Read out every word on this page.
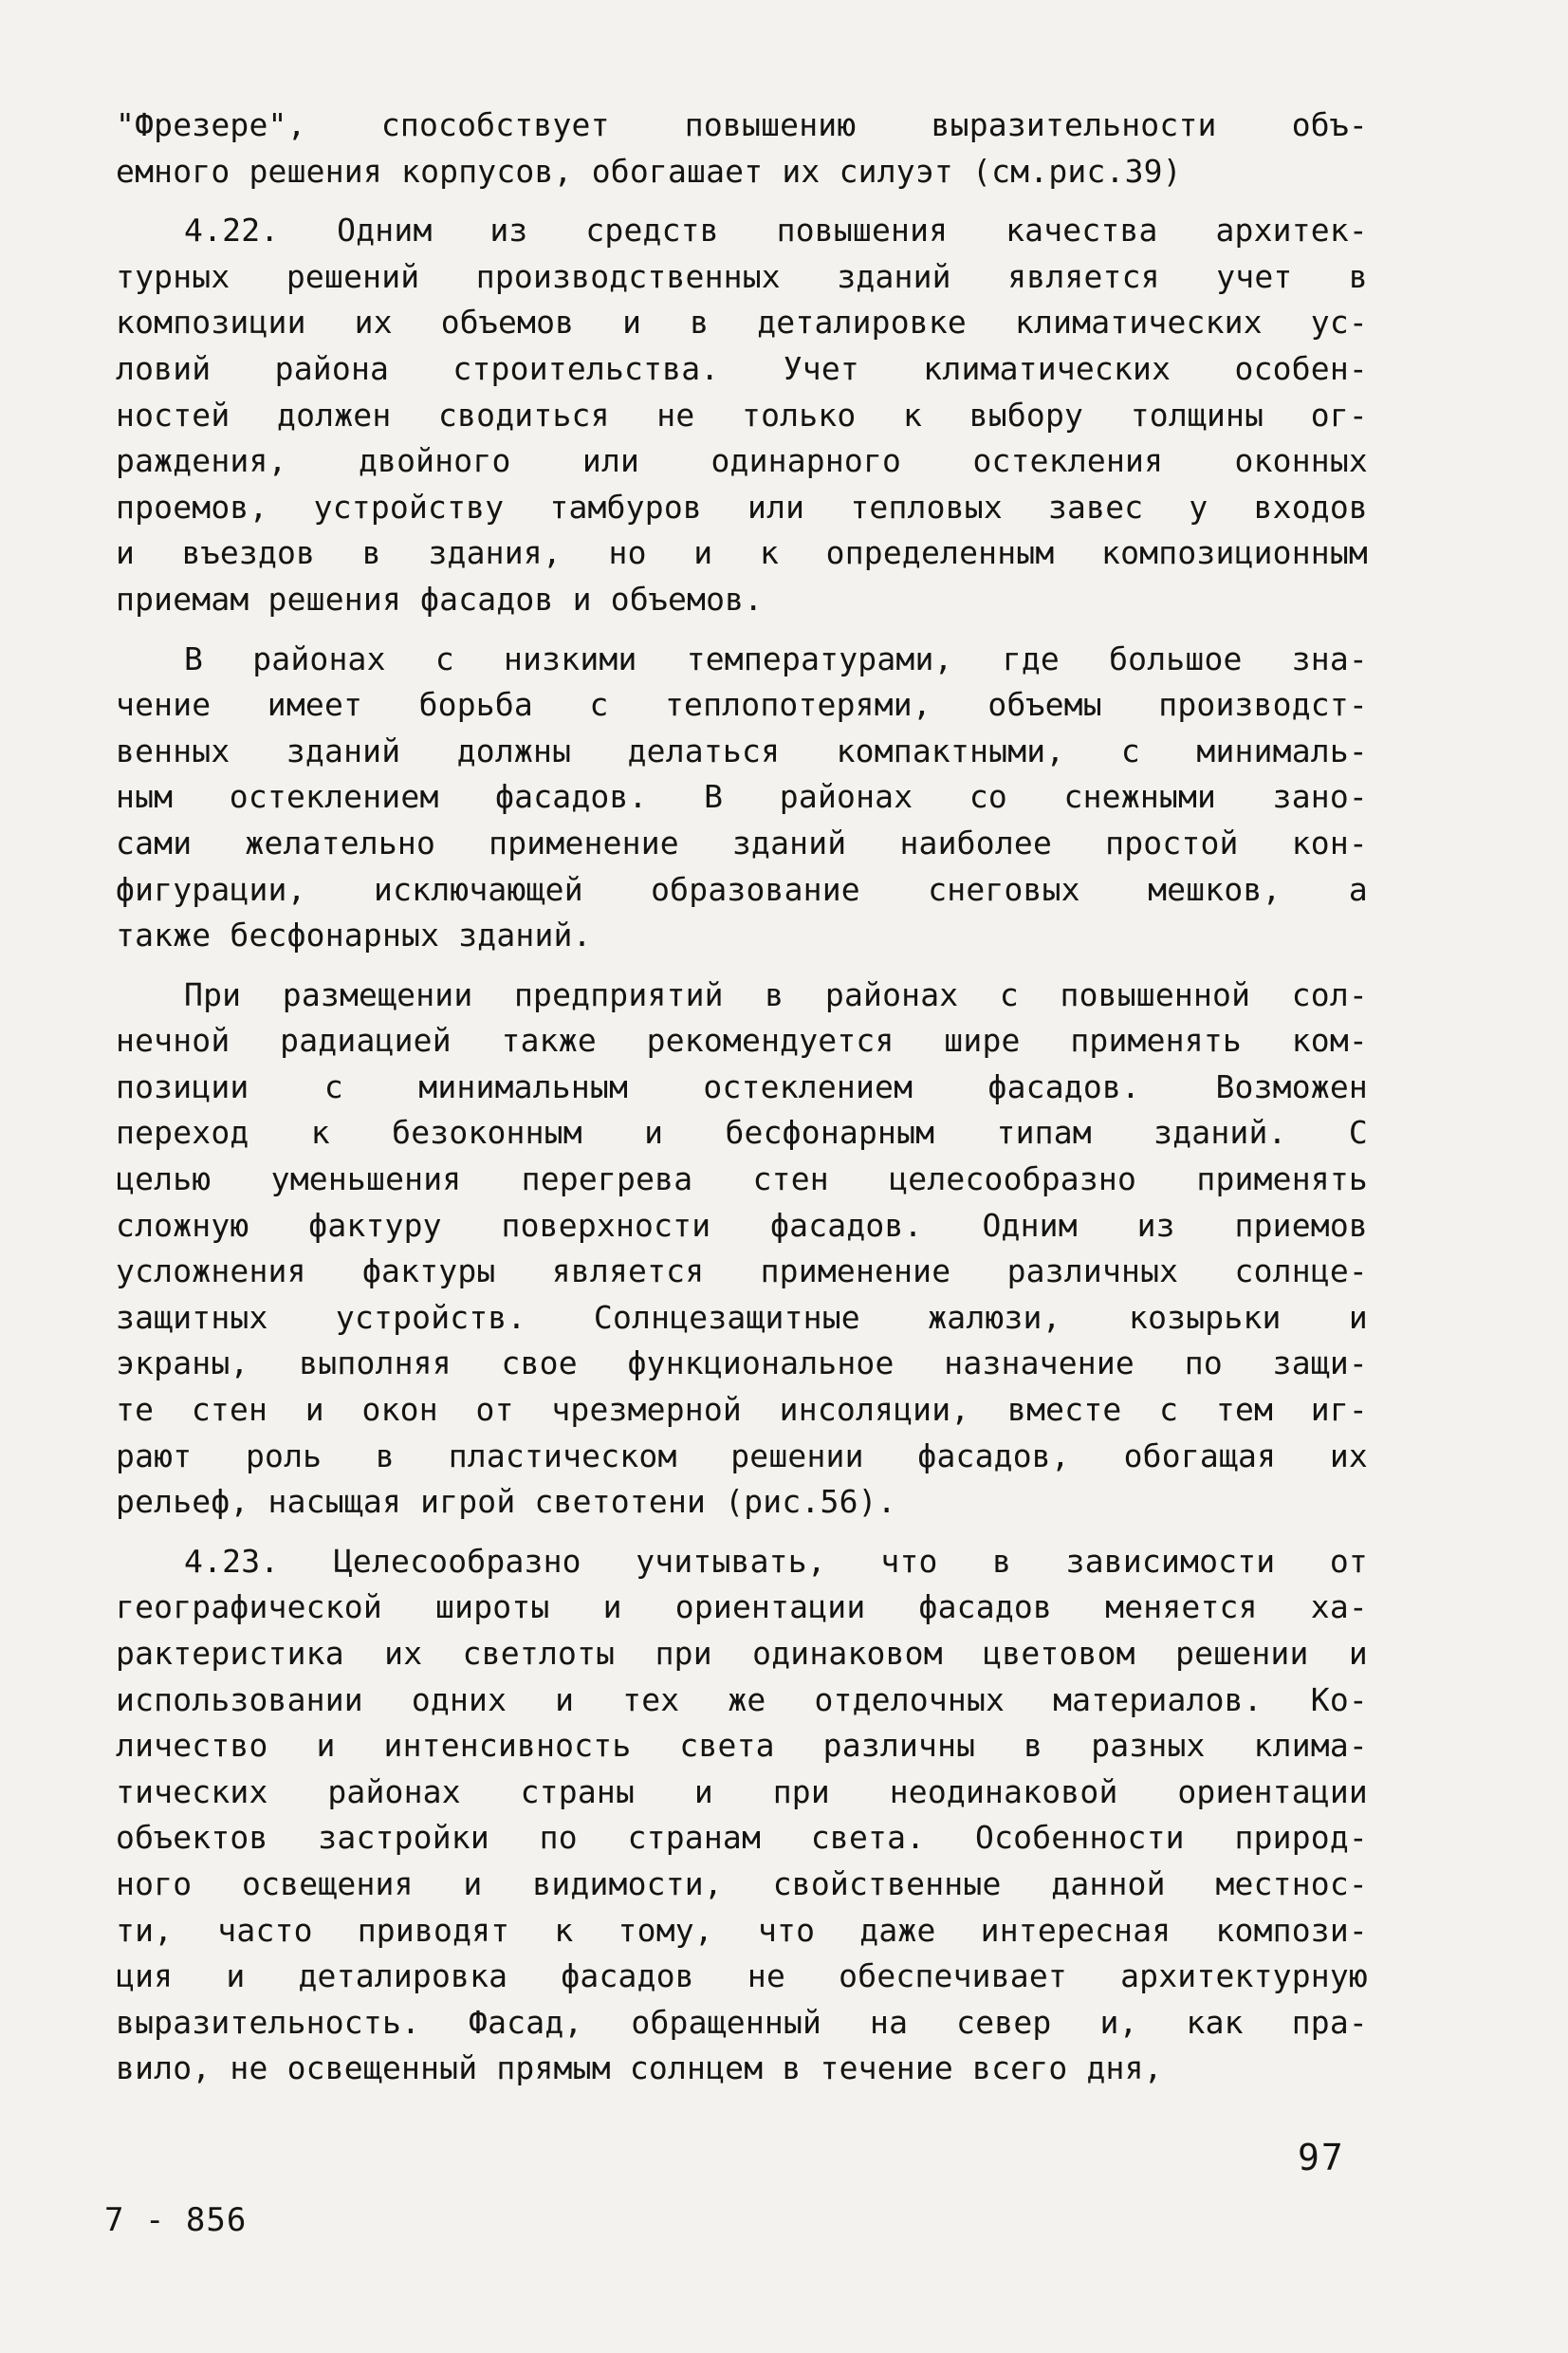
"Фрезере", способствует повышению выразительности объ-
емного решения корпусов, обогашает их силуэт (см.рис.39)
4.22. Одним из средств повышения качества архитек-
турных решений производственных зданий является учет в
композиции их объемов и в деталировке климатических ус-
ловий района строительства. Учет климатических особен-
ностей должен сводиться не только к выбору толщины ог-
раждения, двойного или одинарного остекления оконных
проемов, устройству тамбуров или тепловых завес у входов
и въездов в здания, но и к определенным композиционным
приемам решения фасадов и объемов.
В районах с низкими температурами, где большое зна-
чение имеет борьба с теплопотерями, объемы производст-
венных зданий должны делаться компактными, с минималь-
ным остеклением фасадов. В районах со снежными зано-
сами желательно применение зданий наиболее простой кон-
фигурации, исключающей образование снеговых мешков, а
также бесфонарных зданий.
При размещении предприятий в районах с повышенной сол-
нечной радиацией также рекомендуется шире применять ком-
позиции с минимальным остеклением фасадов. Возможен
переход к безоконным и бесфонарным типам зданий. С
целью уменьшения перегрева стен целесообразно применять
сложную фактуру поверхности фасадов. Одним из приемов
усложнения фактуры является применение различных солнце-
защитных устройств. Солнцезащитные жалюзи, козырьки и
экраны, выполняя свое функциональное назначение по защи-
те стен и окон от чрезмерной инсоляции, вместе с тем иг-
рают роль в пластическом решении фасадов, обогащая их
рельеф, насыщая игрой светотени (рис.56).
4.23. Целесообразно учитывать, что в зависимости от
географической широты и ориентации фасадов меняется ха-
рактеристика их светлоты при одинаковом цветовом решении и
использовании одних и тех же отделочных материалов. Ко-
личество и интенсивность света различны в разных клима-
тических районах страны и при неодинаковой ориентации
объектов застройки по странам света. Особенности природ-
ного освещения и видимости, свойственные данной местнос-
ти, часто приводят к тому, что даже интересная компози-
ция и деталировка фасадов не обеспечивает архитектурную
выразительность. Фасад, обращенный на север и, как пра-
вило, не освещенный прямым солнцем в течение всего дня,
97
7 - 856
